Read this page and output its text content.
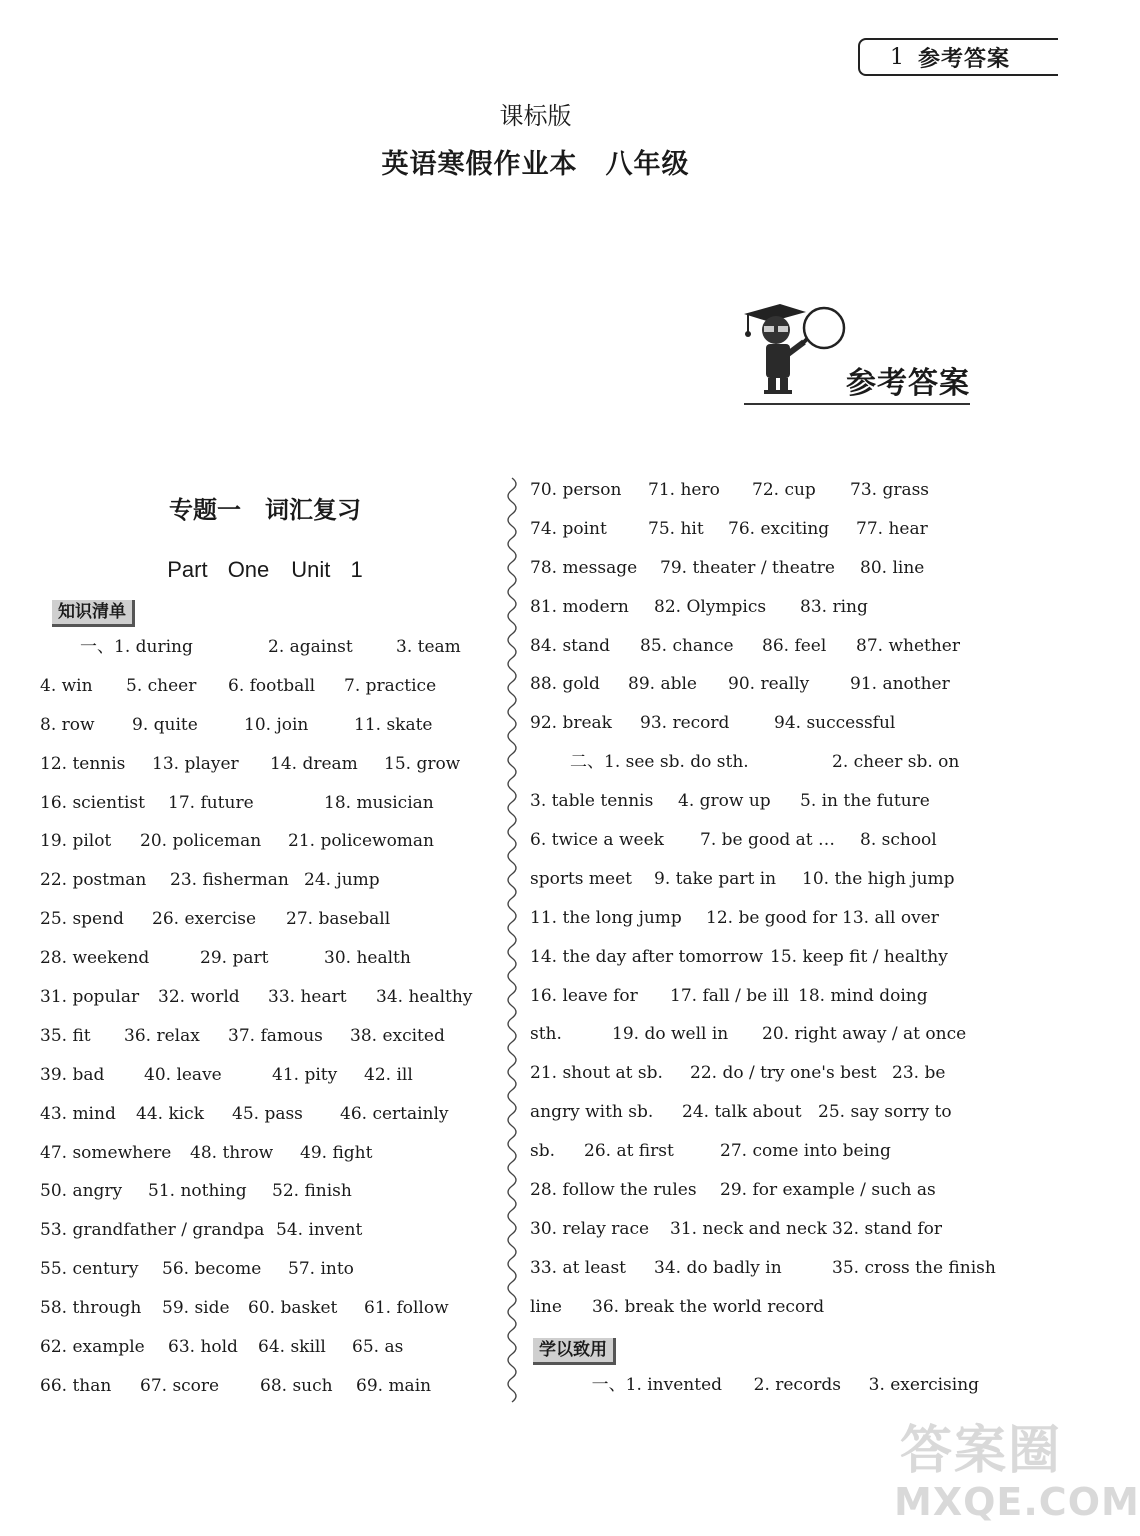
1 参考答案
课标版
英语寒假作业本　八年级
参考答案
专题一　词汇复习
Part One　Unit 1
知识清单
学以致用
一、1. during	2. against	3. team
4. win 5. cheer 6. football 7. practice
8. row 9. quite	10. join	11. skate
12. tennis 13. player 14. dream 15. grow
16. scientist 17. future	18. musician
19. pilot 20. policeman 21. policewoman
22. postman 23. fisherman 24. jump
25. spend 26. exercise 27. baseball
28. weekend	29. part	30. health
31. popular 32. world 33. heart 34. healthy
35. fit 36. relax 37. famous 38. excited
39. bad 40. leave	41. pity 42. ill
43. mind 44. kick 45. pass 46. certainly
47. somewhere 48. throw 49. fight
50. angry 51. nothing 52. finish
53. grandfather / grandpa 54. invent
55. century 56. become 57. into
58. through 59. side 60. basket 61. follow
62. example 63. hold 64. skill 65. as
66. than 67. score 68. such 69. main
70. person 71. hero 72. cup 73. grass
74. point 75. hit 76. exciting 77. hear
78. message 79. theater / theatre 80. line
81. modern 82. Olympics 83. ring
84. stand 85. chance 86. feel 87. whether
88. gold 89. able 90. really 91. another
92. break 93. record	94. successful
二、1. see sb. do sth.	2. cheer sb. on
3. table tennis 4. grow up 5. in the future
6. twice a week 7. be good at … 8. school
sports meet 9. take part in 10. the high jump
11. the long jump 12. be good for 13. all over
14. the day after tomorrow 15. keep fit / healthy
16. leave for 17. fall / be ill 18. mind doing
sth.	19. do well in 20. right away / at once
21. shout at sb. 22. do / try one's best 23. be
angry with sb. 24. talk about 25. say sorry to
sb. 26. at first	27. come into being
28. follow the rules 29. for example / such as
30. relay race 31. neck and neck 32. stand for
33. at least 34. do badly in	35. cross the finish
line 36. break the world record

一、1. invented 2. records 3. exercising

答案圈
MXQE.COM
